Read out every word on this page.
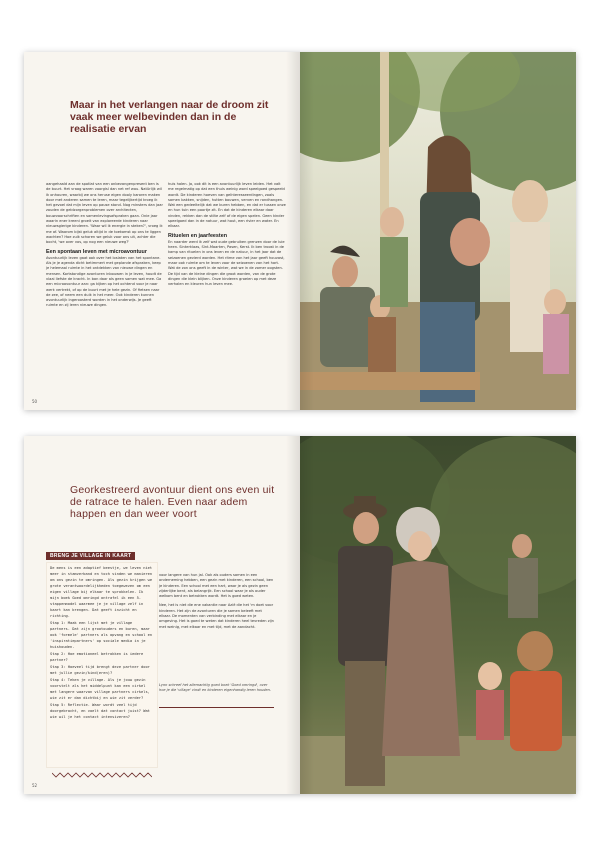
Maar in het verlangen naar de droom zit vaak meer welbevinden dan in de realisatie ervan

aangehaald aan de spotlat van een onbevangenpresent ben is de buurt. Het vraag waren voorgisl dan net ref wou. Natürlijk wil ik onhouren, waarbij we ons heruse eigen dooly karoren maken door met anderen samen te leren, maar tegelijkertijd kroeg ik het gevoel dat mijn leven op pause stond. Nog minsters dan jaar zouden de geldzorgenproblemen over architecten, bouwvoorschriften en samenlevingsafspraken gaan. Onie jaar waarin ener kreeni groeit van exploreerde kinderen naar nieuwsgierige kinderen. 'Waar wil ik energie in steken?', vroeg ik me af. Waarom bijst geluk altijd in de toekomst op ons te liggen wachten? Hoe zuik schoren we geluk voor ons uit, achter die bocht, 'we over vos, op nog een nieuwe weg?'

Een spontaan leven met microavontuur

Avontuurlijk leven gaat ook over het loslaten van het spontane. Als je je agenda dicht betimmert met geplande afspraken, keep je helemaal ruimte in het ontdekken van nieuwe dingen en mensen. Kortstondige avonturen inbouwen in je leven, houdt de vlaai liefste de kracht. In ban daar als geen samen wat mee. Ga een microavontuur aan: ga kijken op het ochtend voor je naar werk vertrekt, of op de buurt met je hele gezin. Of fietsen naar de zee, of neem een duik in het meer. Ook kinderen kunnen avontuurlijk ingeroosterd worden in het onderwijs. Je geeft ruimte en zij leren nieuwe dingen.

huis halen. Ja, ook dit is een avontuurlijk leven leiden. Het valt me regelmatig op dat een thuis weinig word speelgoed gespeeld wordt. De kinderen hoeven van geïnteresseerdingen, zoals samen bakken, snijden, hutten bouwen, verven en rondhangen. Wat een gedeeltelijk dat we buren hebben, en dat er tussen onze en hun tuin een poortje zit. En dat de kinderen elkaar daar vinden, rekken dan de stilte zelf of de eigen spelen. Geen kinder speelgoed dan in de natuur, wat hout, een rivier en water. En elkaar.

Rituelen en jaarfeesten

En naarder werd ik zelf wat oude gebruiken grenzen door de luie heen. Sinterklaas, Sint-Maarten, Pasen, Kerst. Ik ben troost in de kamp van rituelen in ons leven en de natuur, in het jaar dat de seizoenen gevierd worden. Het ritme van het jaar geeft houvast, maar ook ruimte om te leven voor de seizoenen van het hart. Wat de zon ons geeft in de winter, wat we in de zomer oogsten. De tijd van de kleine dingen die groot worden, van de grote dingen die klein blijken. Onze kinderen groeien op met deze verhalen en kleuren hun leven mee.

50
Georkestreerd avontuur dient ons even uit de ratrace te halen. Even naar adem happen en dan weer voort
BRENG JE VILLAGE IN KAART

De mens is een adaptief beestje, we leven niet meer in stamverband en toch vinden we manieren om ons gezin te omringen. Als gezin krijgen we grote verantwoordelijkheden toegewezen om een eigen village bij elkaar te sprokkelen. Ik mijn boek Goed omringd ontrafel ik een 5-stappenmodel waarmee je je village zelf in kaart kan brengen. Dat geeft inzicht en richting.

Stap 1: Maak een lijst met je village partners. Dat zijn grootouders en buren, maar ook 'formele' partners als opvang en school en 'inspiratiepartners' op sociale media in je huishouden.

Stap 2: Hoe emotioneel betrokken is iedere partner?

Stap 3: Hoeveel tijd brengt deze partner door met jullie gezin/kind(eren)?

Stap 4: Teken je village. Als je jouw gezin voorstelt als het middelpunt kan een cirkel met langere waarvan village partners cirkels, wie zit er dan dichtbij en wie zit verder?

Stap 5: Reflectie. Waar wordt veel tijd doorgebracht, en voelt dat contact juist? Wat wie wil je het contact intensiveren?

voor langere van hun jal. Ook als ouders samen in een onderneming hebben, een gezin met kinderen, een school, ben je kinderen. Een school met een hart, waar je als gezin geen zijderlijke bent, als belangrijk. Een school waar je als ouder welkom bent en betrokken wordt. Het is goed weten.

Nee, het is niet die ene vakantie naar Azië die het 'm doet voor kinderen. Het zijn de avonturen die je samen beleeft met elkaar. De momenten van verbinding met elkaar en je omgeving. Het is goed te weten dat kinderen heel tevreden zijn met weinig, met elkaar en met tijd, met de aandacht.

Lynn schreef het allemachtig goed boek 'Goed omringd', over hoe je die 'village' vindt en kinderen eigenhandig leren houden.
52
